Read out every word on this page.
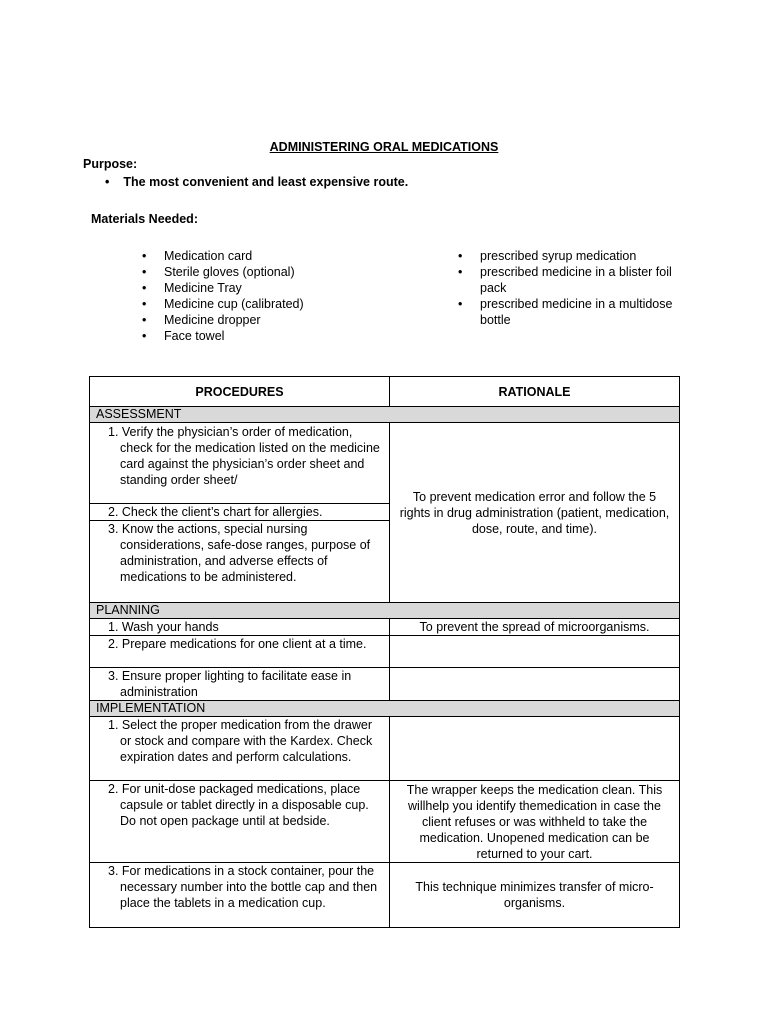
ADMINISTERING ORAL MEDICATIONS
Purpose:
• The most convenient and least expensive route.
Materials Needed:
• Medication card
• Sterile gloves (optional)
• Medicine Tray
• Medicine cup (calibrated)
• Medicine dropper
• Face towel
• prescribed syrup medication
• prescribed medicine in a blister foil pack
• prescribed medicine in a multidose bottle
PROCEDURES	RATIONALE
ASSESSMENT	

1. Verify the physician’s order of medication, check for the medication listed on the medicine card against the physician’s order sheet and standing order sheet/	To prevent medication error and follow the 5 rights in drug administration (patient, medication, dose, route, and time).

2. Check the client’s chart for allergies.	

3. Know the actions, special nursing considerations, safe-dose ranges, purpose of administration, and adverse effects of medications to be administered.	

PLANNING	

1. Wash your hands	To prevent the spread of microorganisms.

2. Prepare medications for one client at a time.	

3. Ensure proper lighting to facilitate ease in administration	

IMPLEMENTATION	

1. Select the proper medication from the drawer or stock and compare with the Kardex. Check expiration dates and perform calculations.	

2. For unit-dose packaged medications, place capsule or tablet directly in a disposable cup. Do not open package until at bedside.	The wrapper keeps the medication clean. This willhelp you identify themedication in case the client refuses or was withheld to take the medication. Unopened medication can be returned to your cart.

3. For medications in a stock container, pour the necessary number into the bottle cap and then place the tablets in a medication cup.	This technique minimizes transfer of micro-organisms.
